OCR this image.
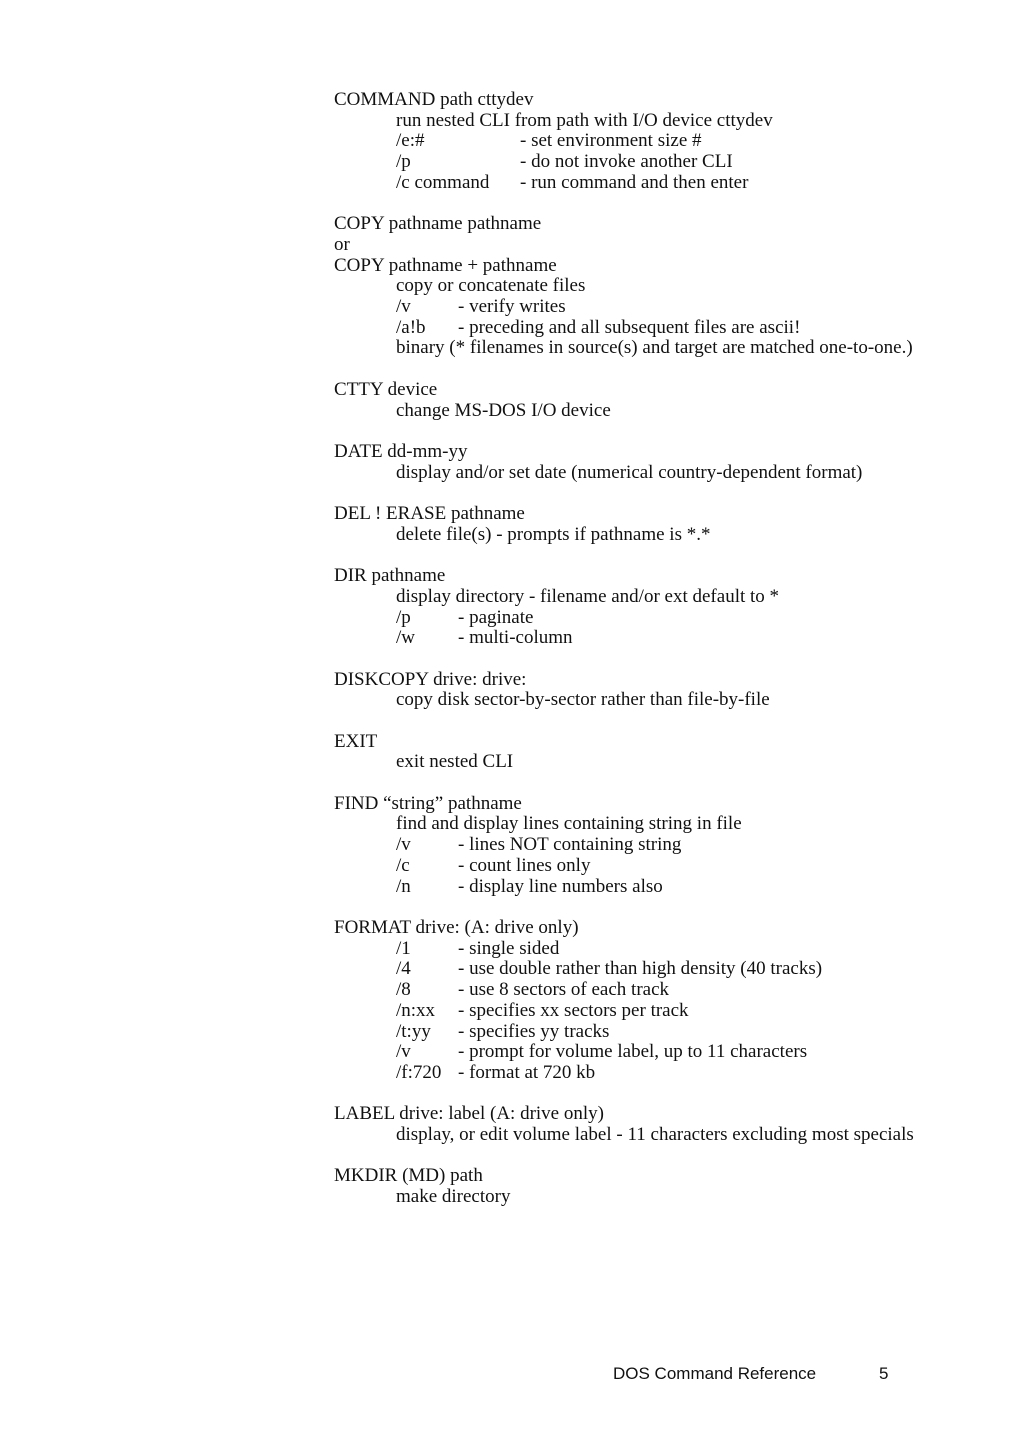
COMMAND path cttydev
run nested CLI from path with I/O device cttydev
/e:#	- set environment size #
/p	- do not invoke another CLI
/c command - run command and then enter
COPY pathname pathname
or
COPY pathname + pathname
copy or concatenate files
/v - verify writes
/a!b - preceding and all subsequent files are ascii!
binary (* filenames in source(s) and target are matched one-to-one.)
CTTY device
change MS-DOS I/O device
DATE dd-mm-yy
display and/or set date (numerical country-dependent format)
DEL ! ERASE pathname
delete file(s) - prompts if pathname is *.*
DIR pathname
display directory - filename and/or ext default to *
/p - paginate
/w - multi-column
DISKCOPY drive: drive:
copy disk sector-by-sector rather than file-by-file
EXIT
exit nested CLI
FIND “string” pathname
find and display lines containing string in file
/v - lines NOT containing string
/c	- count lines only
/n - display line numbers also
FORMAT drive: (A: drive only)
/1 - single sided
/4 - use double rather than high density (40 tracks)
/8 - use 8 sectors of each track
/n:xx - specifies xx sectors per track
/t:yy - specifies yy tracks
/v - prompt for volume label, up to 11 characters
/f:720 - format at 720 kb
LABEL drive: label (A: drive only)
display, or edit volume label - 11 characters excluding most specials
MKDIR (MD) path
make directory
DOS Command Reference	5
